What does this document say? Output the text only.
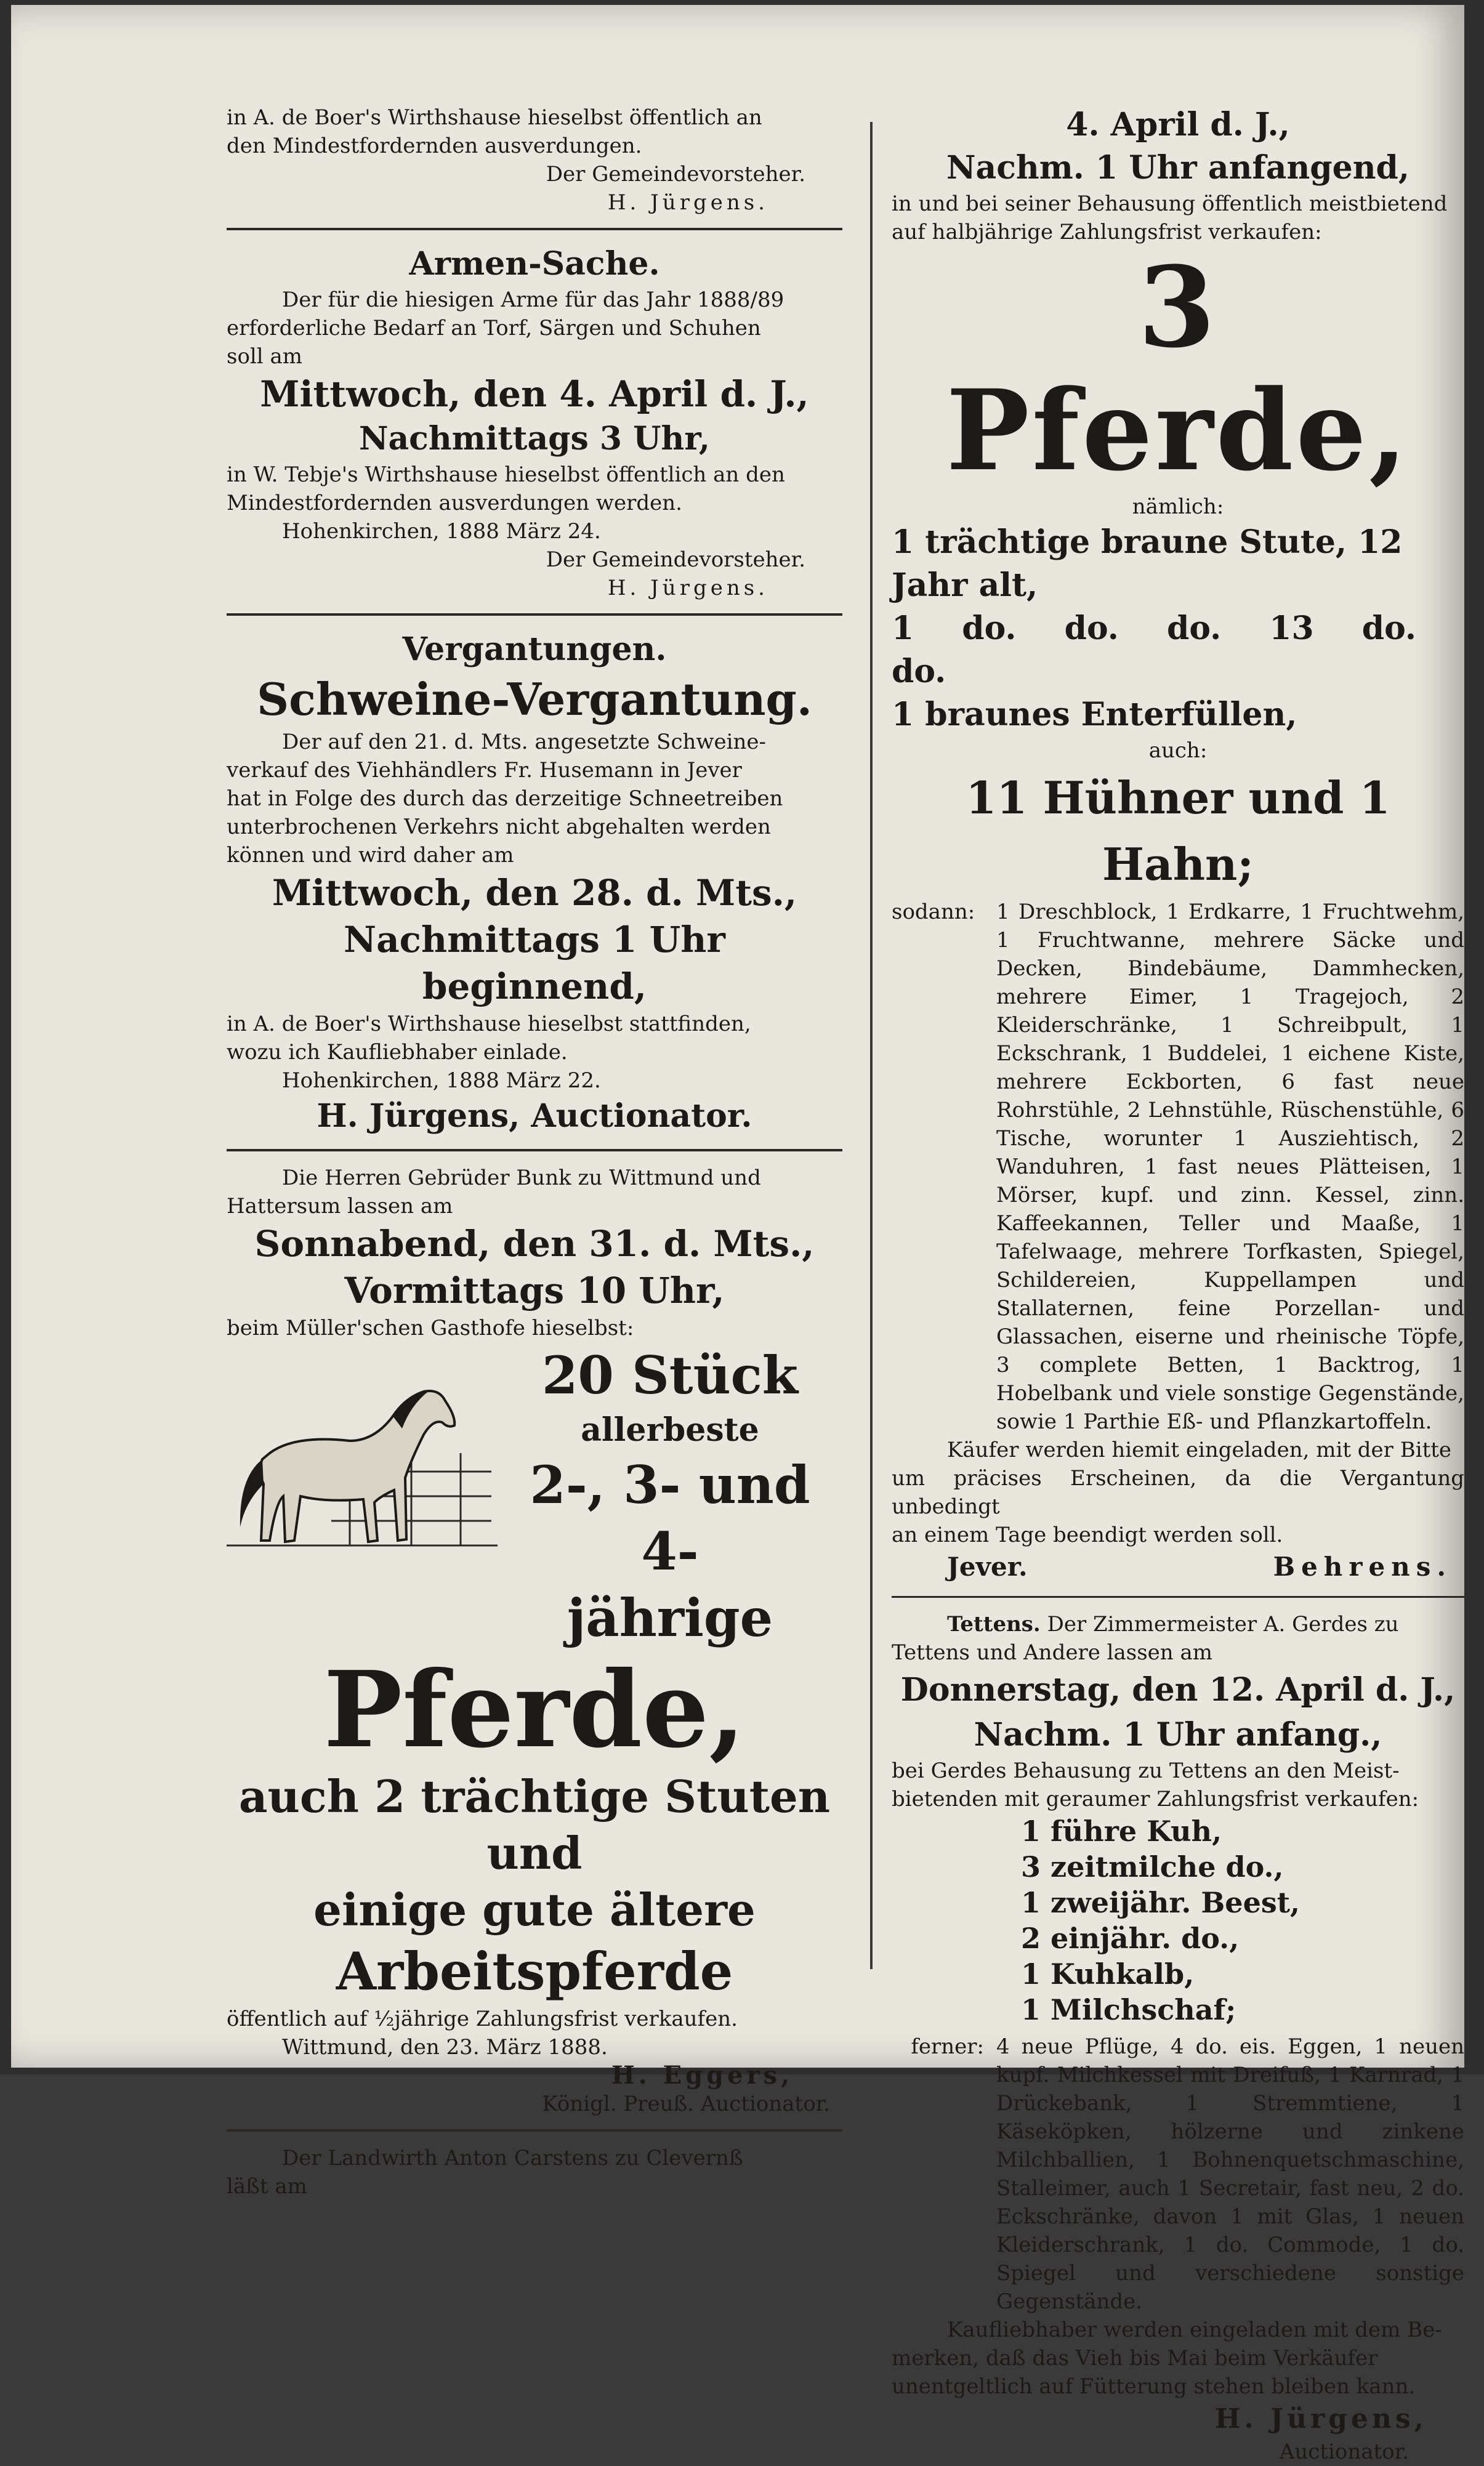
in A. de Boer's Wirthshause hieselbst öffentlich an

den Mindestfordernden ausverdungen.

Der Gemeindevorsteher.

H. Jürgens.

Armen-Sache.

Der für die hiesigen Arme für das Jahr 1888/89

erforderliche Bedarf an Torf, Särgen und Schuhen

soll am

Mittwoch, den 4. April d. J.,

Nachmittags 3 Uhr,

in W. Tebje's Wirthshause hieselbst öffentlich an den

Mindestfordernden ausverdungen werden.

Hohenkirchen, 1888 März 24.

Der Gemeindevorsteher.

H. Jürgens.

Vergantungen.

Schweine-Vergantung.

Der auf den 21. d. Mts. angesetzte Schweine-

verkauf des Viehhändlers Fr. Husemann in Jever

hat in Folge des durch das derzeitige Schneetreiben

unterbrochenen Verkehrs nicht abgehalten werden

können und wird daher am

Mittwoch, den 28. d. Mts.,

Nachmittags 1 Uhr beginnend,

in A. de Boer's Wirthshause hieselbst stattfinden,

wozu ich Kaufliebhaber einlade.

Hohenkirchen, 1888 März 22.

H. Jürgens, Auctionator.

Die Herren Gebrüder Bunk zu Wittmund und

Hattersum lassen am

Sonnabend, den 31. d. Mts.,

Vormittags 10 Uhr,

beim Müller'schen Gasthofe hieselbst:

20 Stück

allerbeste

2-, 3- und 4-

jährige

Pferde,

auch 2 trächtige Stuten und

einige gute ältere

Arbeitspferde

öffentlich auf ½jährige Zahlungsfrist verkaufen.

Wittmund, den 23. März 1888.

H. Eggers,

Königl. Preuß. Auctionator.

Der Landwirth Anton Carstens zu Clevernß

läßt am

4. April d. J.,

Nachm. 1 Uhr anfangend,

in und bei seiner Behausung öffentlich meistbietend

auf halbjährige Zahlungsfrist verkaufen:

3 Pferde,

nämlich:

1 trächtige braune Stute, 12 Jahr alt,

1 do. do. do. 13 do. do.

1 braunes Enterfüllen,

auch:

11 Hühner und 1 Hahn;

sodann:	1 Dreschblock, 1 Erdkarre, 1 Fruchtwehm, 1 Fruchtwanne, mehrere Säcke und Decken, Bindebäume, Dammhecken, mehrere Eimer, 1 Tragejoch, 2 Kleiderschränke, 1 Schreibpult, 1 Eckschrank, 1 Buddelei, 1 eichene Kiste, mehrere Eckborten, 6 fast neue Rohrstühle, 2 Lehnstühle, Rüschenstühle, 6 Tische, worunter 1 Ausziehtisch, 2 Wanduhren, 1 fast neues Plätteisen, 1 Mörser, kupf. und zinn. Kessel, zinn. Kaffeekannen, Teller und Maaße, 1 Tafelwaage, mehrere Torfkasten, Spiegel, Schildereien, Kuppellampen und Stallaternen, feine Porzellan- und Glassachen, eiserne und rheinische Töpfe, 3 complete Betten, 1 Backtrog, 1 Hobelbank und viele sonstige Gegenstände, sowie 1 Parthie Eß- und Pflanzkartoffeln.

Käufer werden hiemit eingeladen, mit der Bitte

um präcises Erscheinen, da die Vergantung unbedingt

an einem Tage beendigt werden soll.

Jever.	Behrens.

Tettens. Der Zimmermeister A. Gerdes zu

Tettens und Andere lassen am

Donnerstag, den 12. April d. J.,

Nachm. 1 Uhr anfang.,

bei Gerdes Behausung zu Tettens an den Meist-

bietenden mit geraumer Zahlungsfrist verkaufen:

1 führe Kuh,

3 zeitmilche do.,

1 zweijähr. Beest,

2 einjähr. do.,

1 Kuhkalb,

1 Milchschaf;

ferner: 4 neue Pflüge, 4 do. eis. Eggen, 1 neuen kupf. Milchkessel mit Dreifuß, 1 Karnrad, 1 Drückebank, 1 Stremmtiene, 1 Käseköpken, hölzerne und zinkene Milchballien, 1 Bohnenquetschmaschine, Stalleimer, auch 1 Secretair, fast neu, 2 do. Eckschränke, davon 1 mit Glas, 1 neuen Kleiderschrank, 1 do. Commode, 1 do. Spiegel und verschiedene sonstige Gegenstände.

Kaufliebhaber werden eingeladen mit dem Be-

merken, daß das Vieh bis Mai beim Verkäufer

unentgeltlich auf Fütterung stehen bleiben kann.

H. Jürgens,

Auctionator.
